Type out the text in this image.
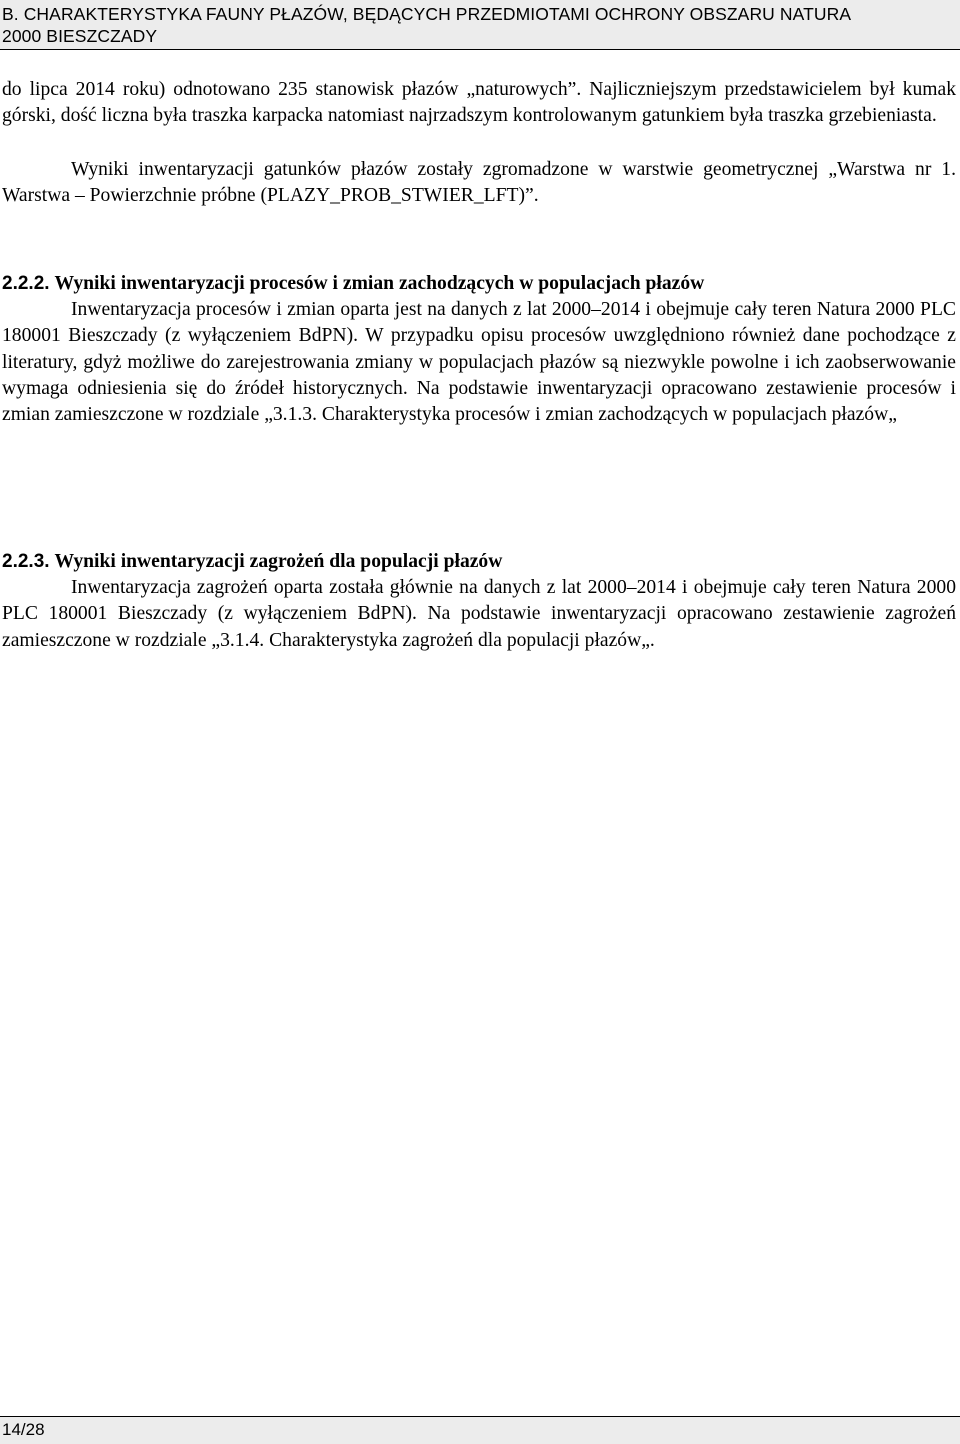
B. CHARAKTERYSTYKA FAUNY PŁAZÓW, BĘDĄCYCH PRZEDMIOTAMI OCHRONY OBSZARU NATURA
2000 BIESZCZADY

do lipca 2014 roku) odnotowano 235 stanowisk płazów „naturowych”. Najliczniejszym przedstawicielem był kumak górski, dość liczna była traszka karpacka natomiast najrzadszym kontrolowanym gatunkiem była traszka grzebieniasta.

Wyniki inwentaryzacji gatunków płazów zostały zgromadzone w warstwie geometrycznej „Warstwa nr 1. Warstwa – Powierzchnie próbne (PLAZY_PROB_STWIER_LFT)”.

2.2.2. Wyniki inwentaryzacji procesów i zmian zachodzących w populacjach płazów

Inwentaryzacja procesów i zmian oparta jest na danych z lat 2000–2014 i obejmuje cały teren Natura 2000 PLC 180001 Bieszczady (z wyłączeniem BdPN). W przypadku opisu procesów uwzględniono również dane pochodzące z literatury, gdyż możliwe do zarejestrowania zmiany w populacjach płazów są niezwykle powolne i ich zaobserwowanie wymaga odniesienia się do źródeł historycznych. Na podstawie inwentaryzacji opracowano zestawienie procesów i zmian zamieszczone w rozdziale „3.1.3. Charakterystyka procesów i zmian zachodzących w populacjach płazów„

2.2.3. Wyniki inwentaryzacji zagrożeń dla populacji płazów

Inwentaryzacja zagrożeń oparta została głównie na danych z lat 2000–2014 i obejmuje cały teren Natura 2000 PLC 180001 Bieszczady (z wyłączeniem BdPN). Na podstawie inwentaryzacji opracowano zestawienie zagrożeń zamieszczone w rozdziale „3.1.4. Charakterystyka zagrożeń dla populacji płazów„.

14/28
